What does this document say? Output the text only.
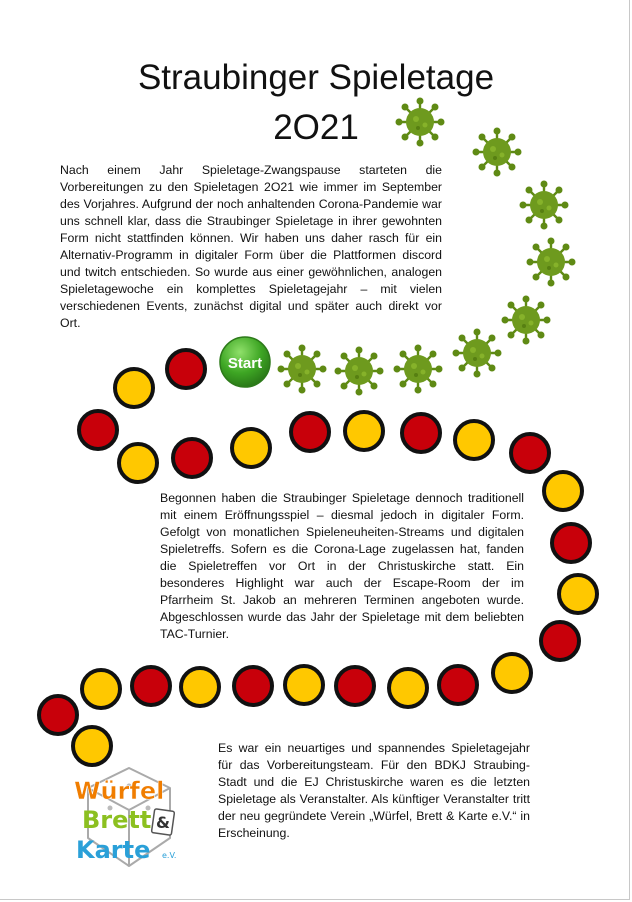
Straubinger Spieletage
2O21
Start

Nach einem Jahr Spieletage-Zwangspause starteten die Vorbereitungen zu den Spieletagen 2O21 wie immer im September des Vorjahres. Aufgrund der noch anhaltenden Corona-Pandemie war uns schnell klar, dass die Straubinger Spieletage in ihrer gewohnten Form nicht stattfinden können. Wir haben uns daher rasch für ein Alternativ-Programm in digitaler Form über die Plattformen discord und twitch entschieden. So wurde aus einer gewöhnlichen, analogen Spieletagewoche ein komplettes Spieletagejahr – mit vielen verschiedenen Events, zunächst digital und später auch direkt vor Ort.

Begonnen haben die Straubinger Spieletage dennoch traditionell mit einem Eröffnungsspiel – diesmal jedoch in digitaler Form. Gefolgt von monatlichen Spieleneuheiten-Streams und digitalen Spieletreffs. Sofern es die Corona-Lage zugelassen hat, fanden die Spieletreffen vor Ort in der Christuskirche statt. Ein besonderes Highlight war auch der Escape-Room der im Pfarrheim St. Jakob an mehreren Terminen angeboten wurde. Abgeschlossen wurde das Jahr der Spieletage mit dem beliebten TAC-Turnier.

Es war ein neuartiges und spannendes Spieletagejahr für das Vorbereitungsteam. Für den BDKJ Straubing-Stadt und die EJ Christuskirche waren es die letzten Spieletage als Veranstalter. Als künftiger Veranstalter tritt der neu gegründete Verein „Würfel, Brett & Karte e.V.“ in Erscheinung.

Würfel
Brett &
Karte e.V.
